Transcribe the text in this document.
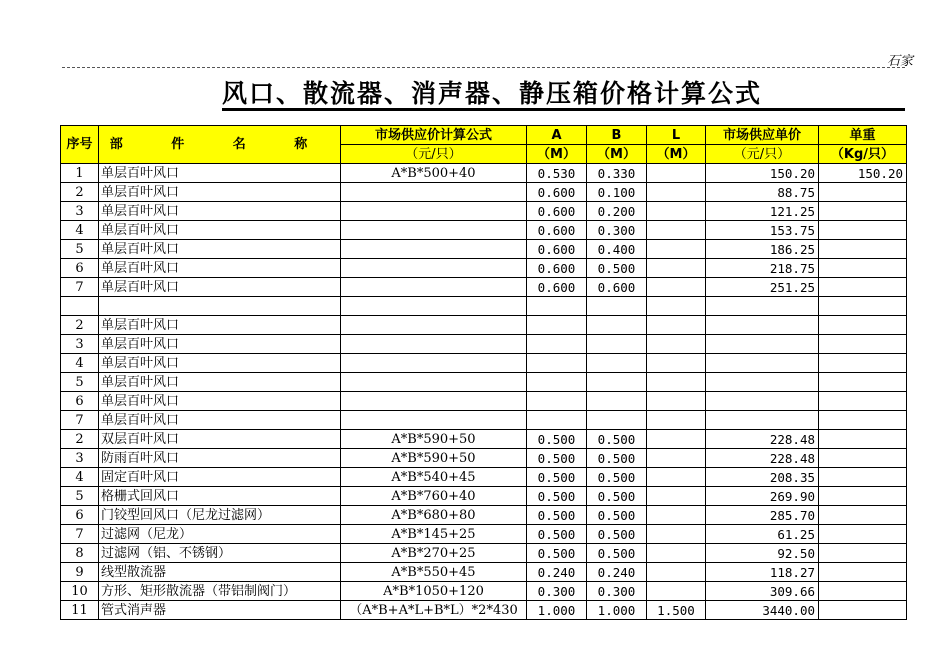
石家
风口、散流器、消声器、静压箱价格计算公式
序号	部 件 名 称	市场供应价计算公式	A	B	L	市场供应单价	单重
		（元/只）	（M）	（M）	（M）	（元/只）	（Kg/只）
1	单层百叶风口	A*B*500+40	0.530	0.330		150.20	150.20
2	单层百叶风口		0.600	0.100		88.75	
3	单层百叶风口		0.600	0.200		121.25	
4	单层百叶风口		0.600	0.300		153.75	
5	单层百叶风口		0.600	0.400		186.25	
6	单层百叶风口		0.600	0.500		218.75	
7	单层百叶风口		0.600	0.600		251.25	

2	单层百叶风口						
3	单层百叶风口						
4	单层百叶风口						
5	单层百叶风口						
6	单层百叶风口						
7	单层百叶风口						
2	双层百叶风口	A*B*590+50	0.500	0.500		228.48	
3	防雨百叶风口	A*B*590+50	0.500	0.500		228.48	
4	固定百叶风口	A*B*540+45	0.500	0.500		208.35	
5	格栅式回风口	A*B*760+40	0.500	0.500		269.90	
6	门铰型回风口（尼龙过滤网）	A*B*680+80	0.500	0.500		285.70	
7	过滤网（尼龙）	A*B*145+25	0.500	0.500		61.25	
8	过滤网（铝、不锈钢）	A*B*270+25	0.500	0.500		92.50	
9	线型散流器	A*B*550+45	0.240	0.240		118.27	
10	方形、矩形散流器（带铝制阀门）	A*B*1050+120	0.300	0.300		309.66	
11	管式消声器	（A*B+A*L+B*L）*2*430	1.000	1.000	1.500	3440.00	
